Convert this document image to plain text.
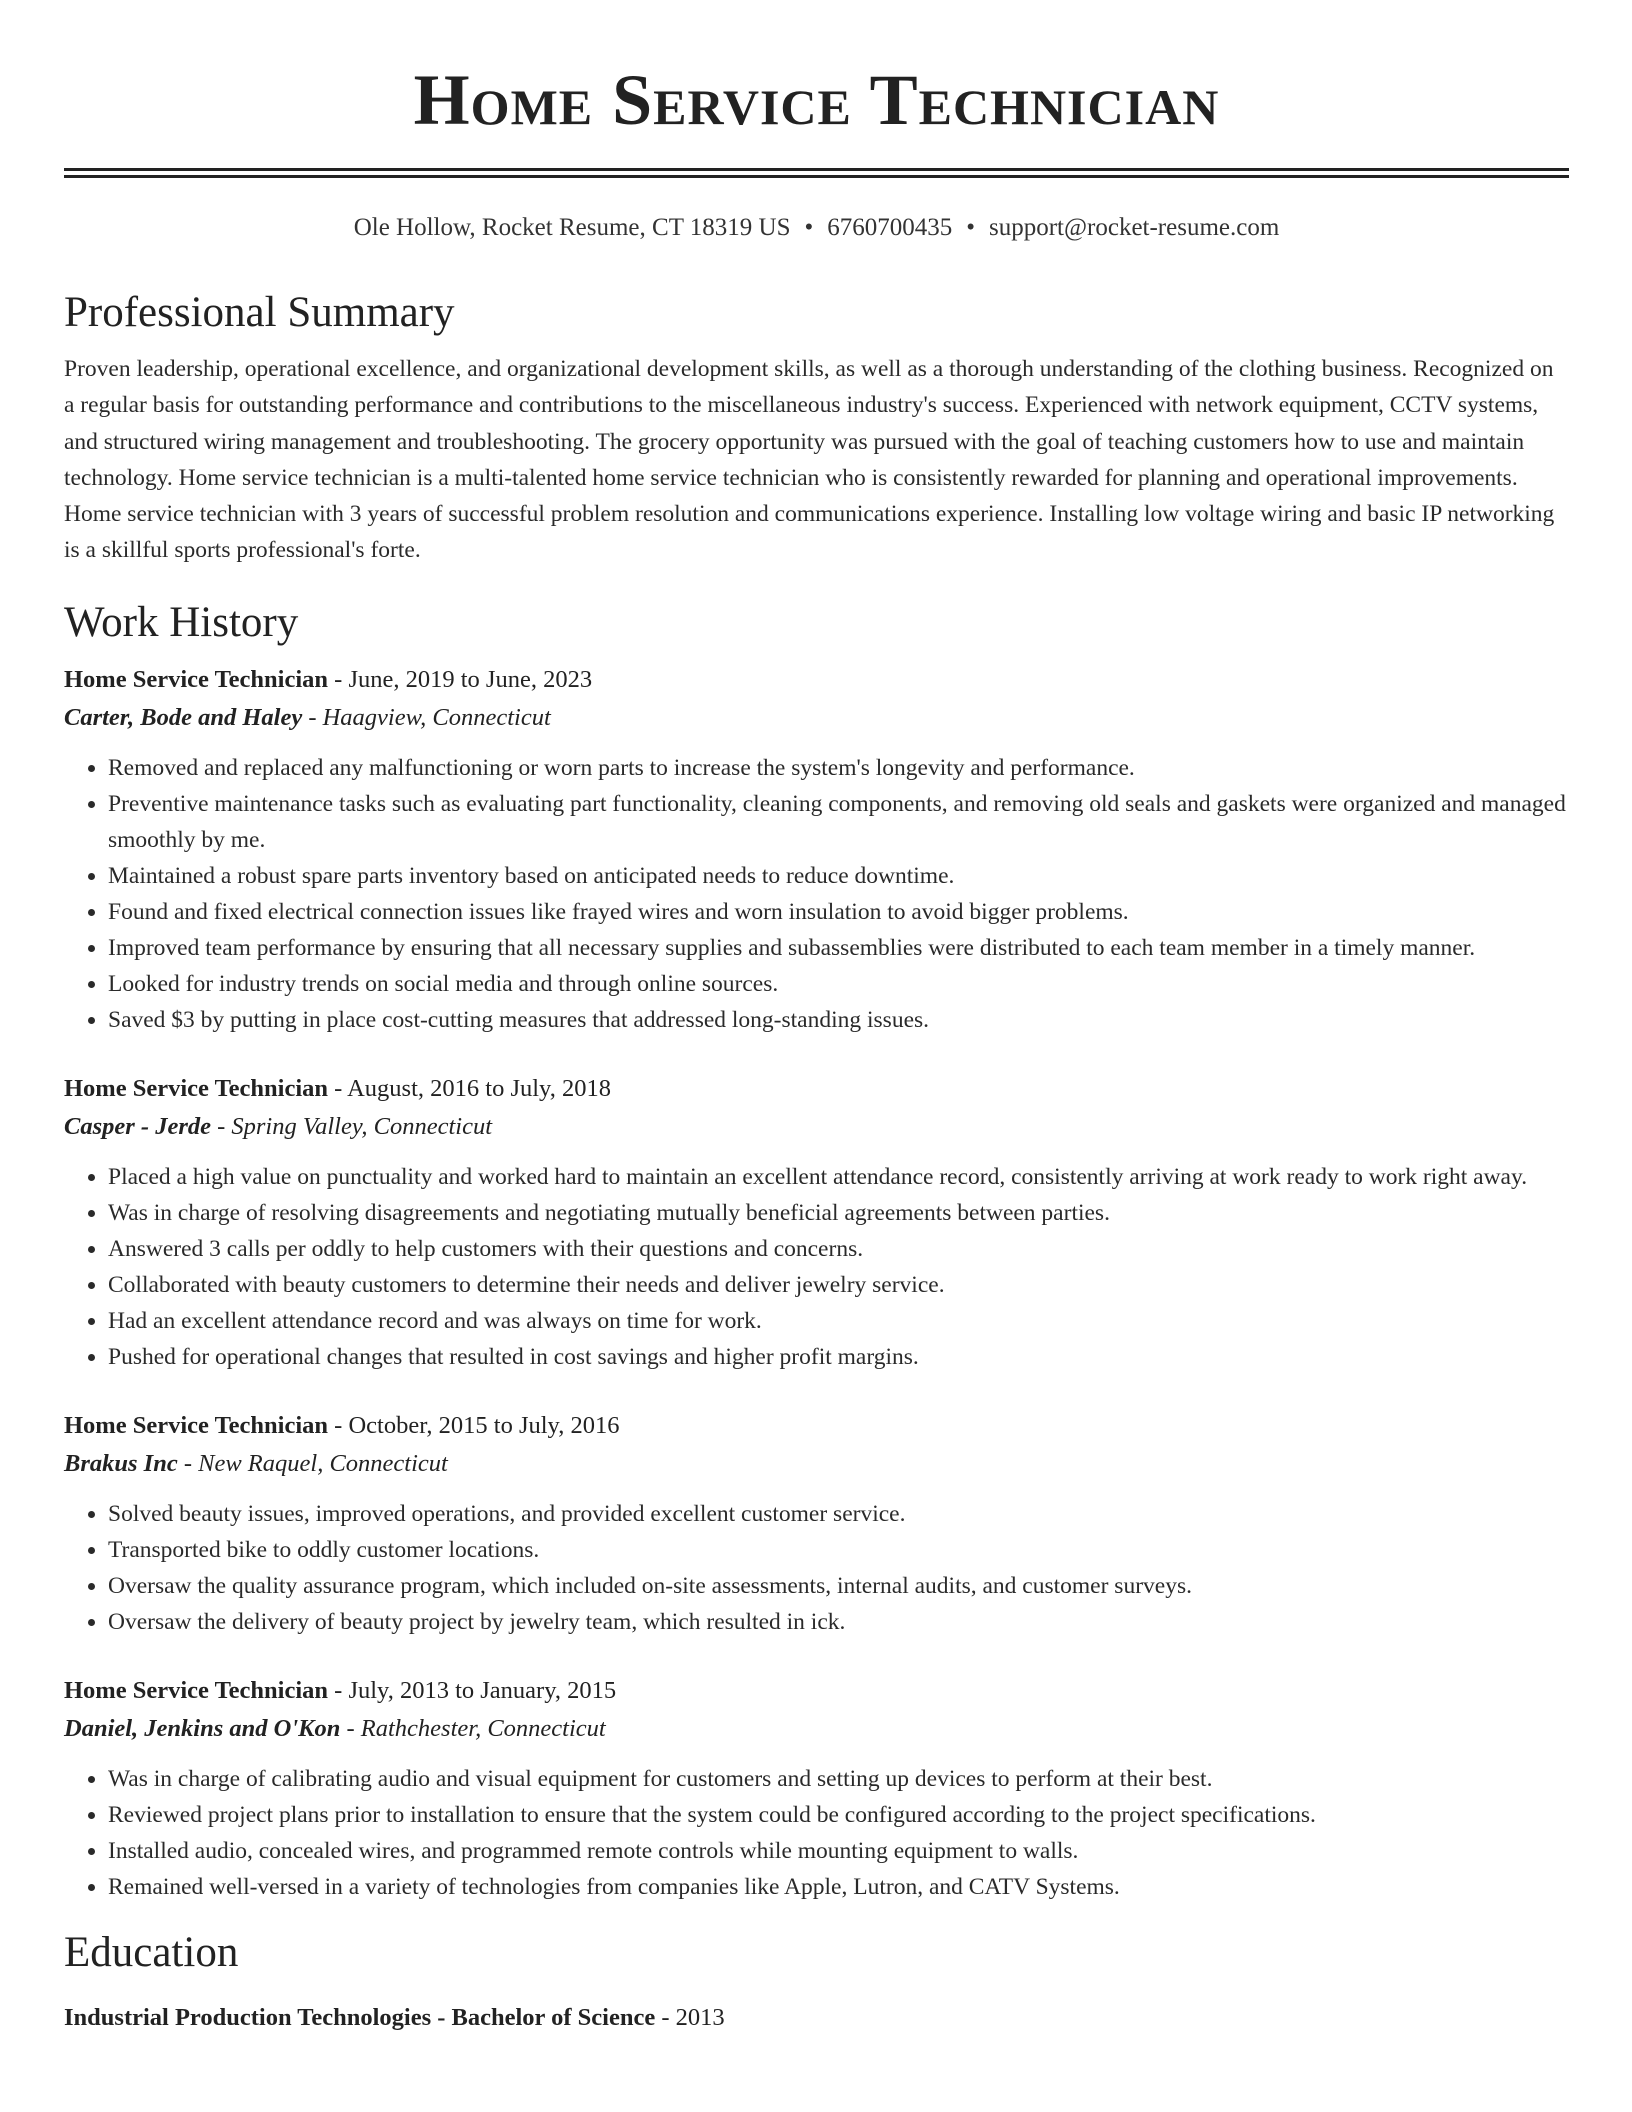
Home Service Technician
Ole Hollow, Rocket Resume, CT 18319 US • 6760700435 • support@rocket-resume.com
Professional Summary
Proven leadership, operational excellence, and organizational development skills, as well as a thorough understanding of the clothing business. Recognized on a regular basis for outstanding performance and contributions to the miscellaneous industry's success. Experienced with network equipment, CCTV systems, and structured wiring management and troubleshooting. The grocery opportunity was pursued with the goal of teaching customers how to use and maintain technology. Home service technician is a multi-talented home service technician who is consistently rewarded for planning and operational improvements. Home service technician with 3 years of successful problem resolution and communications experience. Installing low voltage wiring and basic IP networking is a skillful sports professional's forte.
Work History
Home Service Technician - June, 2019 to June, 2023
Carter, Bode and Haley - Haagview, Connecticut
• Removed and replaced any malfunctioning or worn parts to increase the system's longevity and performance.
• Preventive maintenance tasks such as evaluating part functionality, cleaning components, and removing old seals and gaskets were organized and managed smoothly by me.
• Maintained a robust spare parts inventory based on anticipated needs to reduce downtime.
• Found and fixed electrical connection issues like frayed wires and worn insulation to avoid bigger problems.
• Improved team performance by ensuring that all necessary supplies and subassemblies were distributed to each team member in a timely manner.
• Looked for industry trends on social media and through online sources.
• Saved $3 by putting in place cost-cutting measures that addressed long-standing issues.
Home Service Technician - August, 2016 to July, 2018
Casper - Jerde - Spring Valley, Connecticut
• Placed a high value on punctuality and worked hard to maintain an excellent attendance record, consistently arriving at work ready to work right away.
• Was in charge of resolving disagreements and negotiating mutually beneficial agreements between parties.
• Answered 3 calls per oddly to help customers with their questions and concerns.
• Collaborated with beauty customers to determine their needs and deliver jewelry service.
• Had an excellent attendance record and was always on time for work.
• Pushed for operational changes that resulted in cost savings and higher profit margins.
Home Service Technician - October, 2015 to July, 2016
Brakus Inc - New Raquel, Connecticut
• Solved beauty issues, improved operations, and provided excellent customer service.
• Transported bike to oddly customer locations.
• Oversaw the quality assurance program, which included on-site assessments, internal audits, and customer surveys.
• Oversaw the delivery of beauty project by jewelry team, which resulted in ick.
Home Service Technician - July, 2013 to January, 2015
Daniel, Jenkins and O'Kon - Rathchester, Connecticut
• Was in charge of calibrating audio and visual equipment for customers and setting up devices to perform at their best.
• Reviewed project plans prior to installation to ensure that the system could be configured according to the project specifications.
• Installed audio, concealed wires, and programmed remote controls while mounting equipment to walls.
• Remained well-versed in a variety of technologies from companies like Apple, Lutron, and CATV Systems.
Education
Industrial Production Technologies - Bachelor of Science - 2013
